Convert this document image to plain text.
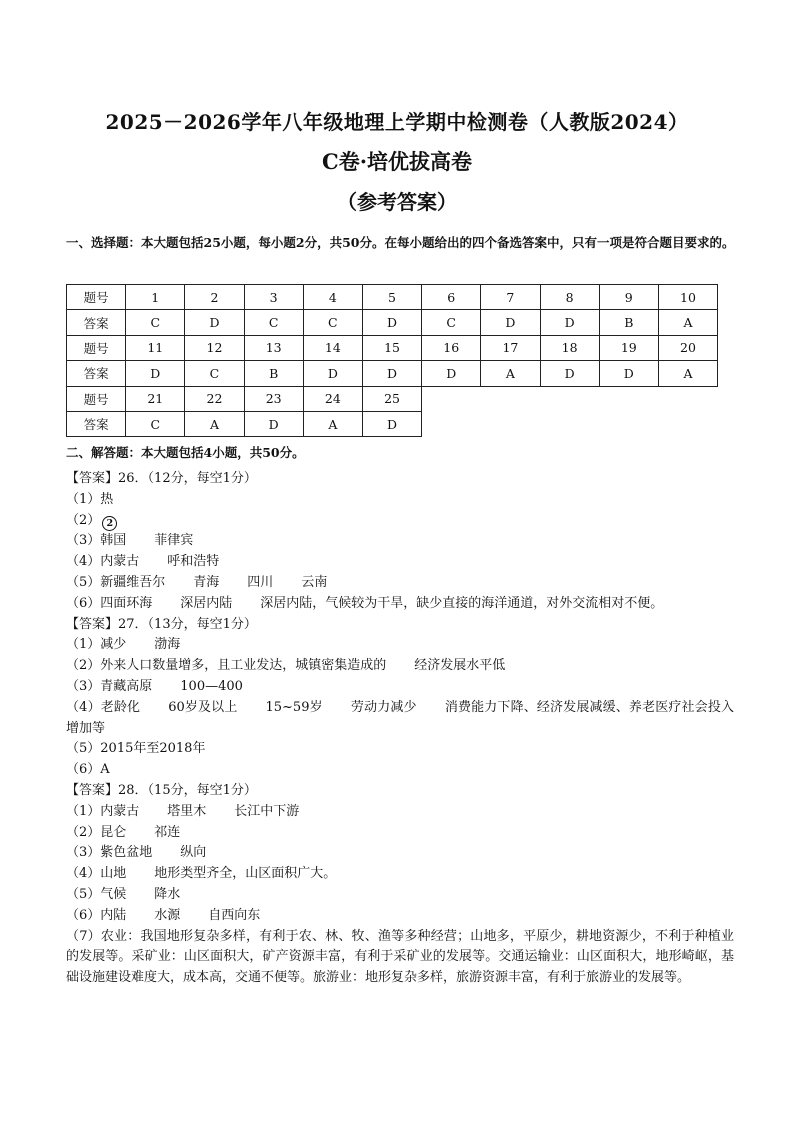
2025－2026学年八年级地理上学期中检测卷（人教版2024）
C卷·培优拔高卷
（参考答案）
一、选择题：本大题包括25小题，每小题2分，共50分。在每小题给出的四个备选答案中，只有一项是符合题目要求的。
题号	1	2	3	4	5	6	7	8	9	10
答案	C	D	C	C	D	C	D	D	B	A
题号	11	12	13	14	15	16	17	18	19	20
答案	D	C	B	D	D	D	A	D	D	A
题号	21	22	23	24	25					
答案	C	A	D	A	D					
二、解答题：本大题包括4小题，共50分。
【答案】26．（12分，每空1分）
（1）热
（2） 2
（3）韩国 菲律宾
（4）内蒙古 呼和浩特
（5）新疆维吾尔 青海 四川 云南
（6）四面环海 深居内陆 深居内陆，气候较为干旱，缺少直接的海洋通道，对外交流相对不便。
【答案】27．（13分，每空1分）
（1）减少 渤海
（2）外来人口数量增多，且工业发达，城镇密集造成的 经济发展水平低
（3）青藏高原 100—400
（4）老龄化 60岁及以上 15~59岁 劳动力减少 消费能力下降、经济发展减缓、养老医疗社会投入增加等
（5）2015年至2018年
（6）A
【答案】28．（15分，每空1分）
（1）内蒙古 塔里木 长江中下游
（2）昆仑 祁连
（3）紫色盆地 纵向
（4）山地 地形类型齐全，山区面积广大。
（5）气候 降水
（6）内陆 水源 自西向东
（7）农业：我国地形复杂多样，有利于农、林、牧、渔等多种经营；山地多，平原少，耕地资源少，不利于种植业的发展等。采矿业：山区面积大，矿产资源丰富，有利于采矿业的发展等。交通运输业：山区面积大，地形崎岖，基础设施建设难度大，成本高，交通不便等。旅游业：地形复杂多样，旅游资源丰富，有利于旅游业的发展等。
